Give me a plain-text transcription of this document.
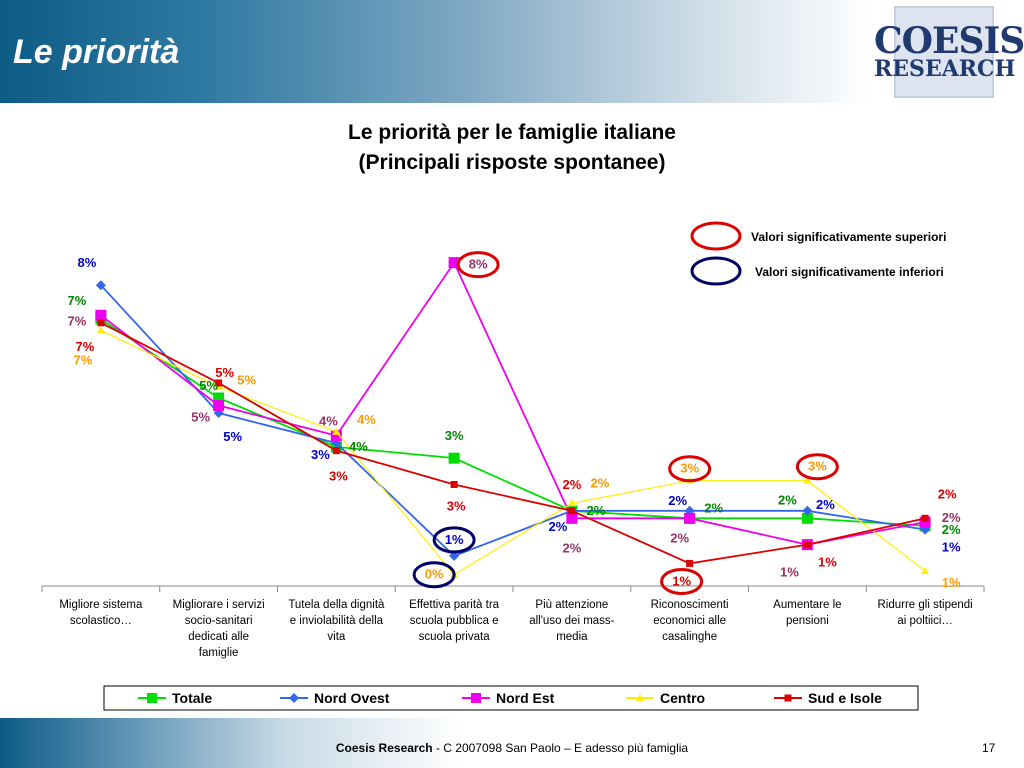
Le priorità	COESIS
RESEARCH
Le priorità per le famiglie italiane
(Principali risposte spontanee)
Migliore sistema
scolastico…
Migliorare i servizi
socio-sanitari
dedicati alle
famiglie
Tutela della dignità
e inviolabilità della
vita
Effettiva parità tra
scuola pubblica e
scuola privata
Più attenzione
all'uso dei mass-
media
Riconoscimenti
economici alle
casalinghe
Aumentare le
pensioni
Ridurre gli stipendi
ai poltiici…
7%
5%
4%
3%
2%	2%
2%
2%
8%
5%
3%
1%
2%
2%	2%
1%
7%
5%	4%
8%
2%
2%
1%
2%
7%
5%
4%
0%
2%
3%	3%
1%
7%
5%
3%
3%
2%
1%
1%
2%
Valori significativamente superiori
Valori significativamente inferiori
Totale	Nord Ovest	Nord Est	Centro	Sud e Isole
Coesis Research - C 2007098 San Paolo – E adesso più famiglia	17
